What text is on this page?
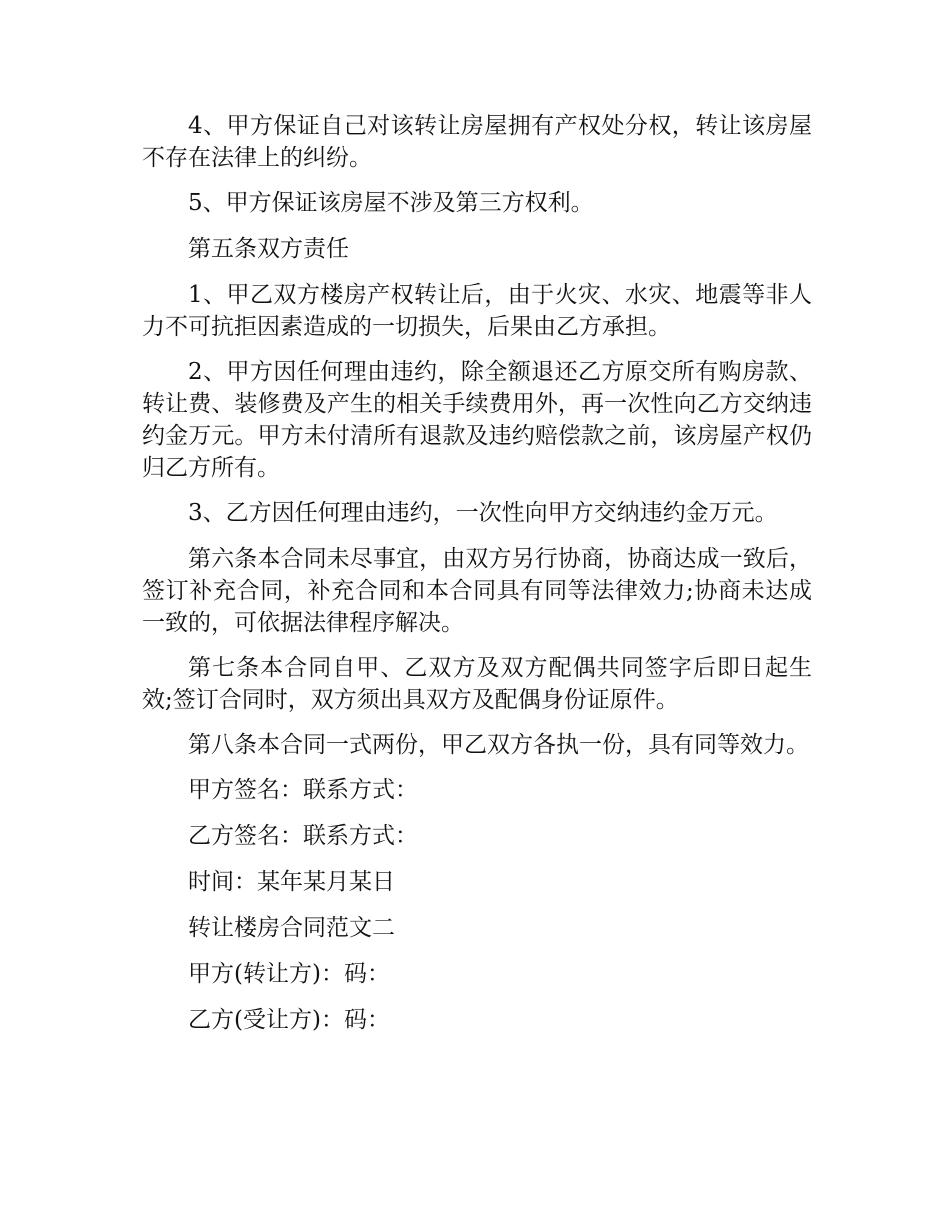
4、甲方保证自己对该转让房屋拥有产权处分权，转让该房屋不存在法律上的纠纷。

5、甲方保证该房屋不涉及第三方权利。

第五条双方责任

1、甲乙双方楼房产权转让后，由于火灾、水灾、地震等非人力不可抗拒因素造成的一切损失，后果由乙方承担。

2、甲方因任何理由违约，除全额退还乙方原交所有购房款、转让费、装修费及产生的相关手续费用外，再一次性向乙方交纳违约金万元。甲方未付清所有退款及违约赔偿款之前，该房屋产权仍归乙方所有。

3、乙方因任何理由违约，一次性向甲方交纳违约金万元。

第六条本合同未尽事宜，由双方另行协商，协商达成一致后，签订补充合同，补充合同和本合同具有同等法律效力;协商未达成一致的，可依据法律程序解决。

第七条本合同自甲、乙双方及双方配偶共同签字后即日起生效;签订合同时，双方须出具双方及配偶身份证原件。

第八条本合同一式两份，甲乙双方各执一份，具有同等效力。

甲方签名：联系方式：

乙方签名：联系方式：

时间：某年某月某日

转让楼房合同范文二

甲方(转让方)：码：

乙方(受让方)：码：
